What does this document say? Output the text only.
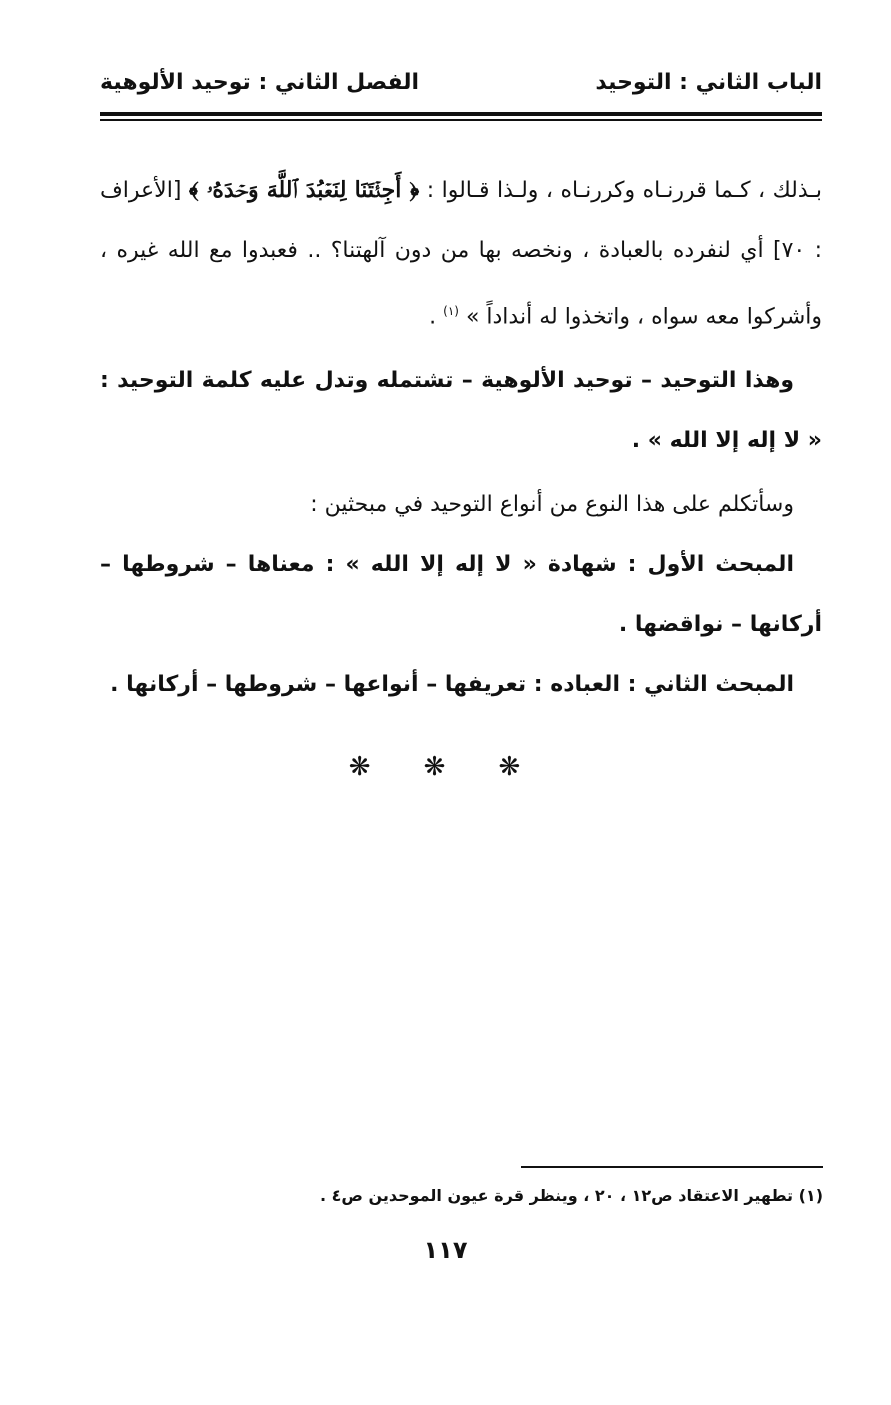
الباب الثاني : التوحيد
الفصل الثاني : توحيد الألوهية

بـذلك ، كـما قررنـاه وكررنـاه ، ولـذا قـالوا : ﴿ أَجِئۡتَنَا لِنَعۡبُدَ ٱللَّهَ وَحۡدَهُۥ ﴾ [الأعراف : ٧٠] أي لنفرده بالعبادة ، ونخصه بها من دون آلهتنا؟ .. فعبدوا مع الله غيره ، وأشركوا معه سواه ، واتخذوا له أنداداً » $^{(١)}$ .

وهذا التوحيد – توحيد الألوهية – تشتمله وتدل عليه كلمة التوحيد : « لا إله إلا الله » .

وسأتكلم على هذا النوع من أنواع التوحيد في مبحثين :

المبحث الأول : شهادة « لا إله إلا الله » : معناها – شروطها – أركانها – نواقضها .

المبحث الثاني : العباده : تعريفها – أنواعها – شروطها – أركانها .

❋ ❋ ❋
(١) تطهير الاعتقاد ص١٢ ، ٢٠ ، وينظر قرة عيون الموحدين ص٤ .
١١٧
